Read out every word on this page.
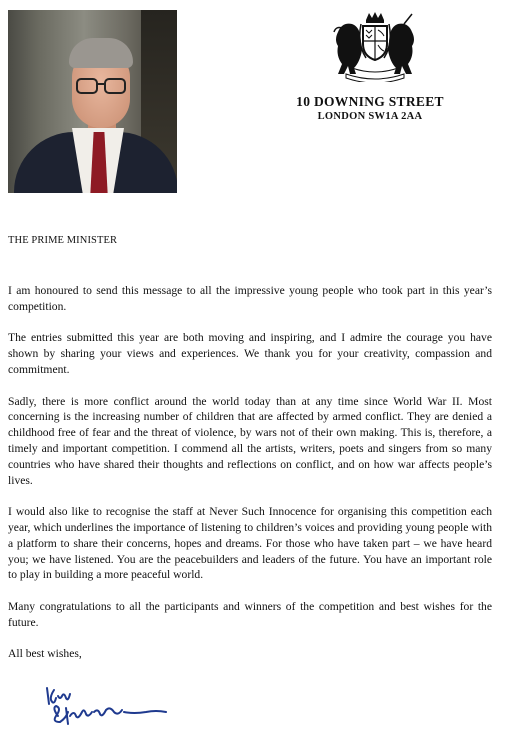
10 DOWNING STREET
LONDON SW1A 2AA
THE PRIME MINISTER

I am honoured to send this message to all the impressive young people who took part in this year’s competition.

The entries submitted this year are both moving and inspiring, and I admire the courage you have shown by sharing your views and experiences. We thank you for your creativity, compassion and commitment.

Sadly, there is more conflict around the world today than at any time since World War II. Most concerning is the increasing number of children that are affected by armed conflict. They are denied a childhood free of fear and the threat of violence, by wars not of their own making. This is, therefore, a timely and important competition. I commend all the artists, writers, poets and singers from so many countries who have shared their thoughts and reflections on conflict, and on how war affects people’s lives.

I would also like to recognise the staff at Never Such Innocence for organising this competition each year, which underlines the importance of listening to children’s voices and providing young people with a platform to share their concerns, hopes and dreams. For those who have taken part – we have heard you; we have listened. You are the peacebuilders and leaders of the future. You have an important role to play in building a more peaceful world.

Many congratulations to all the participants and winners of the competition and best wishes for the future.

All best wishes,
